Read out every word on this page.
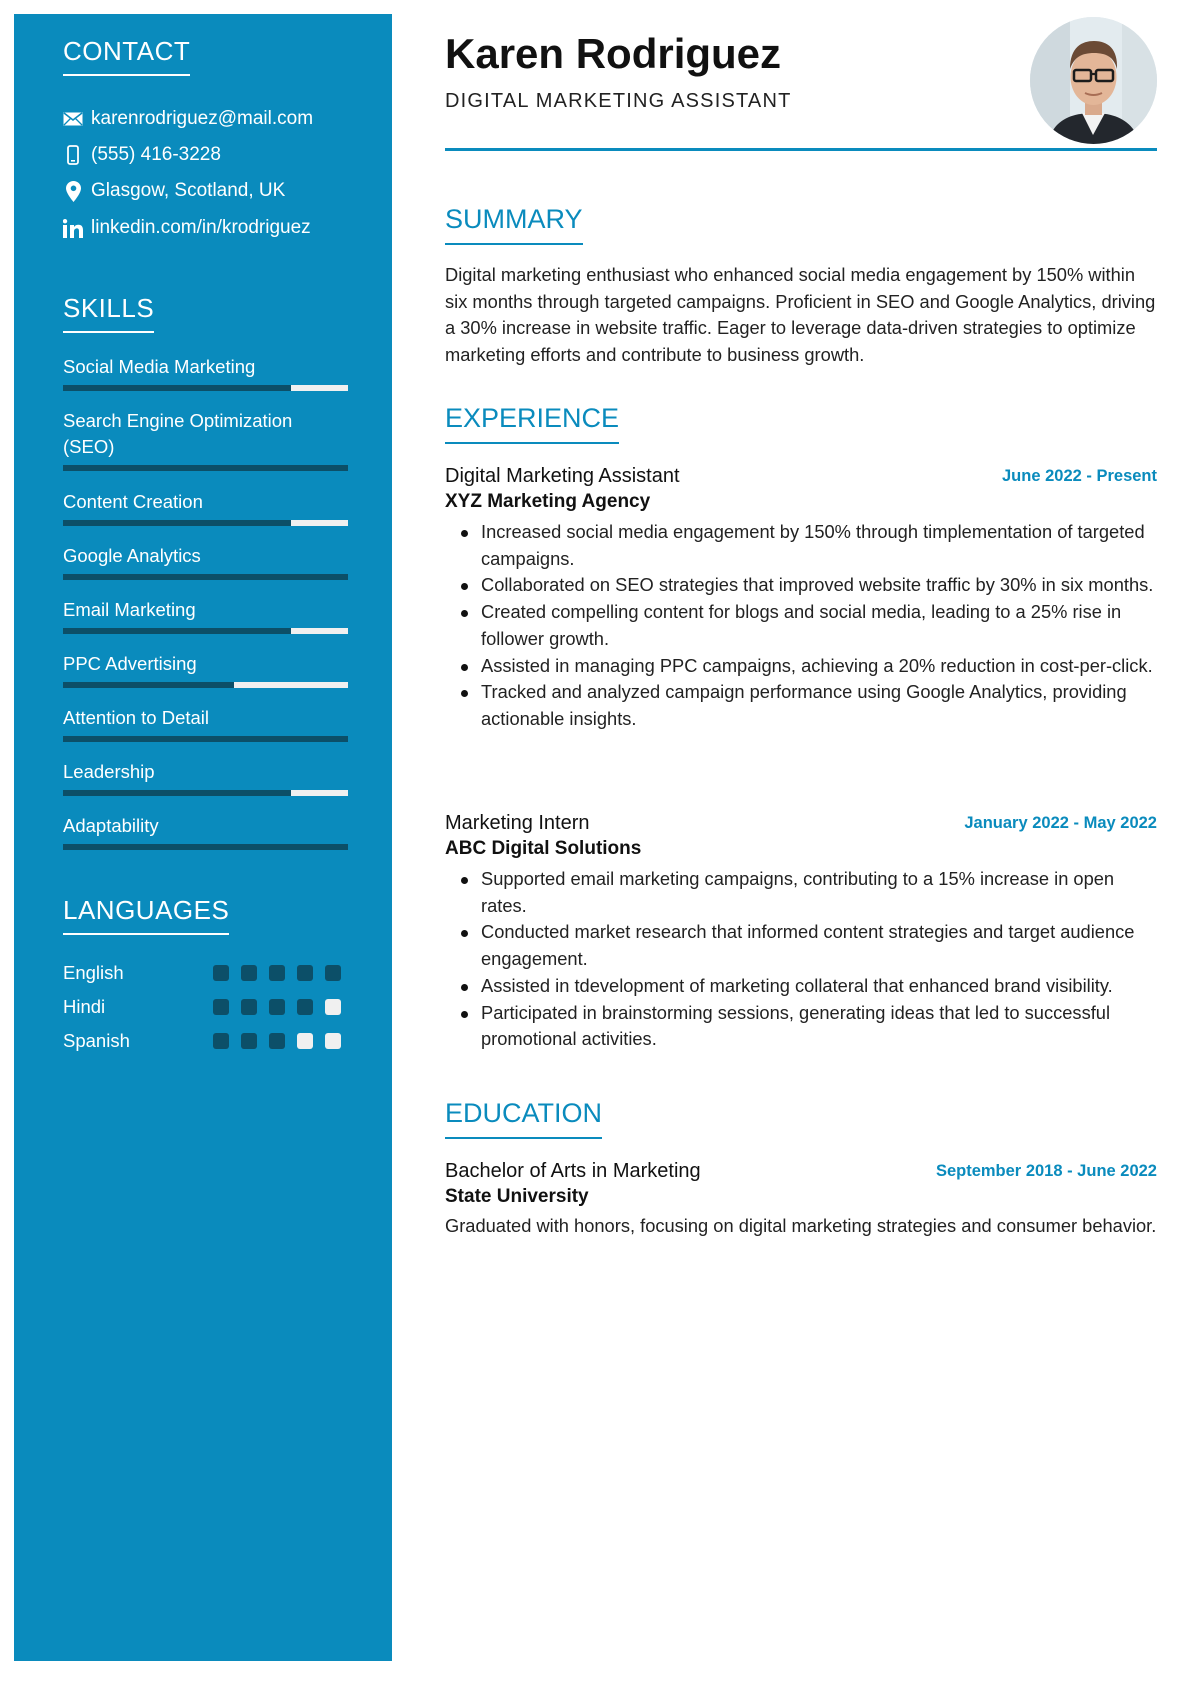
CONTACT
karenrodriguez@mail.com
(555) 416-3228
Glasgow, Scotland, UK
linkedin.com/in/krodriguez
SKILLS
Social Media Marketing
Search Engine Optimization (SEO)
Content Creation
Google Analytics
Email Marketing
PPC Advertising
Attention to Detail
Leadership
Adaptability
LANGUAGES
English
Hindi
Spanish
Karen Rodriguez
DIGITAL MARKETING ASSISTANT
SUMMARY
Digital marketing enthusiast who enhanced social media engagement by 150% within six months through targeted campaigns. Proficient in SEO and Google Analytics, driving a 30% increase in website traffic. Eager to leverage data-driven strategies to optimize marketing efforts and contribute to business growth.
EXPERIENCE
Digital Marketing Assistant	June 2022 - Present
XYZ Marketing Agency
Increased social media engagement by 150% through timplementation of targeted campaigns.
Collaborated on SEO strategies that improved website traffic by 30% in six months.
Created compelling content for blogs and social media, leading to a 25% rise in follower growth.
Assisted in managing PPC campaigns, achieving a 20% reduction in cost-per-click.
Tracked and analyzed campaign performance using Google Analytics, providing actionable insights.
Marketing Intern	January 2022 - May 2022
ABC Digital Solutions
Supported email marketing campaigns, contributing to a 15% increase in open rates.
Conducted market research that informed content strategies and target audience engagement.
Assisted in tdevelopment of marketing collateral that enhanced brand visibility.
Participated in brainstorming sessions, generating ideas that led to successful promotional activities.
EDUCATION
Bachelor of Arts in Marketing	September 2018 - June 2022
State University
Graduated with honors, focusing on digital marketing strategies and consumer behavior.
